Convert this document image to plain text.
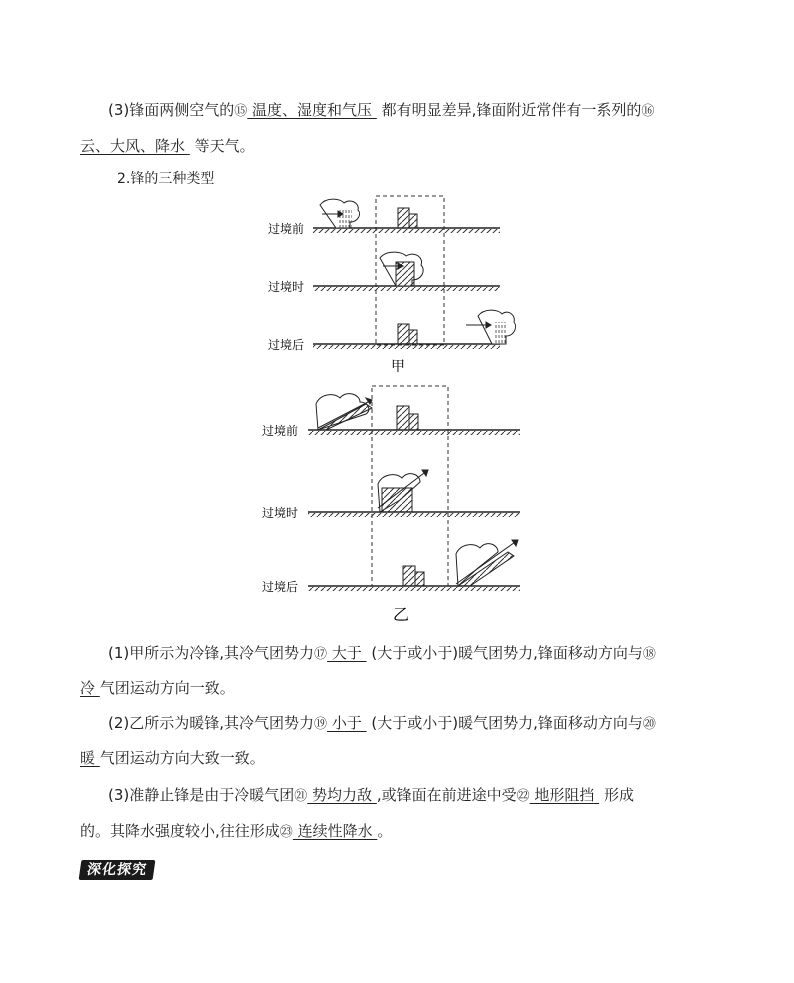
(3)锋面两侧空气的⑮ 温度、湿度和气压  都有明显差异,锋面附近常伴有一系列的⑯
云、大风、降水  等天气。
2.锋的三种类型
过境前
过境时
过境后
甲
过境前
过境时
过境后
乙
(1)甲所示为冷锋,其冷气团势力⑰ 大于  (大于或小于)暖气团势力,锋面移动方向与⑱
冷 气团运动方向一致。
(2)乙所示为暖锋,其冷气团势力⑲ 小于  (大于或小于)暖气团势力,锋面移动方向与⑳
暖 气团运动方向大致一致。
(3)准静止锋是由于冷暖气团㉑ 势均力敌 ,或锋面在前进途中受㉒ 地形阻挡  形成
的。其降水强度较小,往往形成㉓ 连续性降水 。
深化探究
